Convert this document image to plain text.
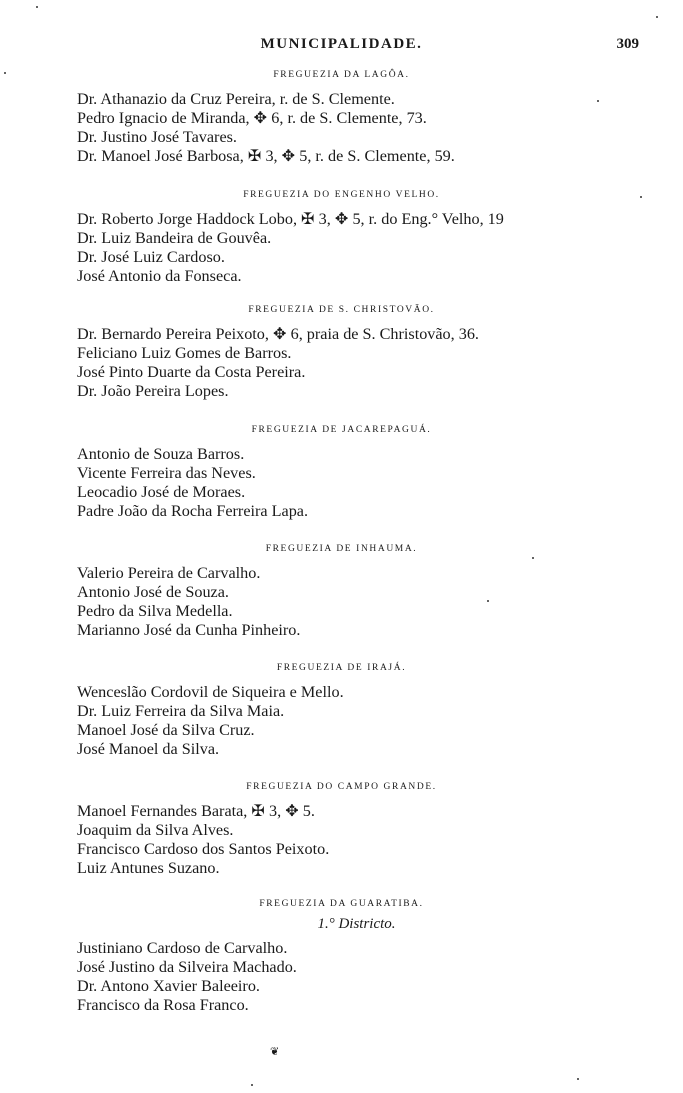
MUNICIPALIDADE.	309
FREGUEZIA DA LAGÔA.
Dr. Athanazio da Cruz Pereira, r. de S. Clemente.
Pedro Ignacio de Miranda, ✥ 6, r. de S. Clemente, 73.
Dr. Justino José Tavares.
Dr. Manoel José Barbosa, ✠ 3, ✥ 5, r. de S. Clemente, 59.
FREGUEZIA DO ENGENHO VELHO.
Dr. Roberto Jorge Haddock Lobo, ✠ 3, ✥ 5, r. do Eng.° Velho, 19
Dr. Luiz Bandeira de Gouvêa.
Dr. José Luiz Cardoso.
José Antonio da Fonseca.
FREGUEZIA DE S. CHRISTOVÃO.
Dr. Bernardo Pereira Peixoto, ✥ 6, praia de S. Christovão, 36.
Feliciano Luiz Gomes de Barros.
José Pinto Duarte da Costa Pereira.
Dr. João Pereira Lopes.
FREGUEZIA DE JACAREPAGUÁ.
Antonio de Souza Barros.
Vicente Ferreira das Neves.
Leocadio José de Moraes.
Padre João da Rocha Ferreira Lapa.
FREGUEZIA DE INHAUMA.
Valerio Pereira de Carvalho.
Antonio José de Souza.
Pedro da Silva Medella.
Marianno José da Cunha Pinheiro.
FREGUEZIA DE IRAJÁ.
Wenceslão Cordovil de Siqueira e Mello.
Dr. Luiz Ferreira da Silva Maia.
Manoel José da Silva Cruz.
José Manoel da Silva.
FREGUEZIA DO CAMPO GRANDE.
Manoel Fernandes Barata, ✠ 3, ✥ 5.
Joaquim da Silva Alves.
Francisco Cardoso dos Santos Peixoto.
Luiz Antunes Suzano.
FREGUEZIA DA GUARATIBA.
1.° Districto.
Justiniano Cardoso de Carvalho.
José Justino da Silveira Machado.
Dr. Antono Xavier Baleeiro.
Francisco da Rosa Franco.
❦
